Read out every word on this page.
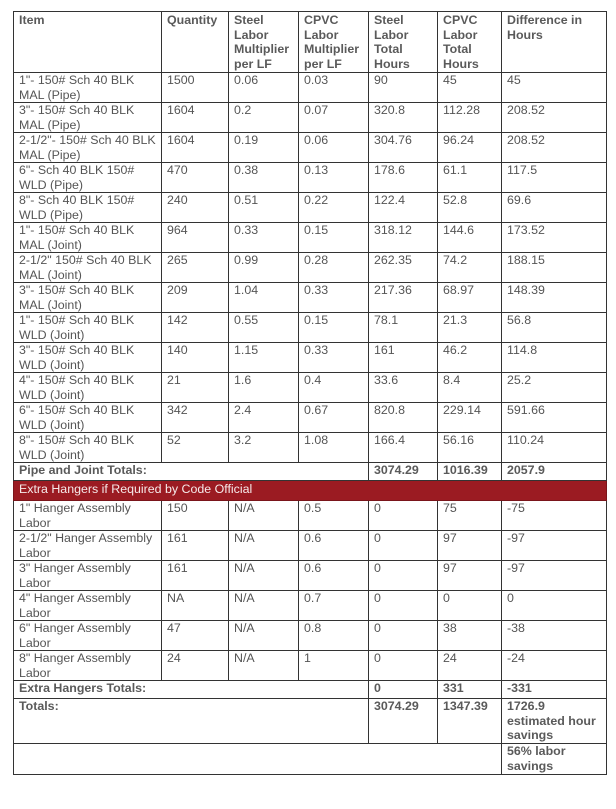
Item	Quantity	Steel Labor Multiplier per LF	CPVC Labor Multiplier per LF	Steel Labor Total Hours	CPVC Labor Total Hours	Difference in Hours
1"- 150# Sch 40 BLK MAL (Pipe)	1500	0.06	0.03	90	45	45
3"- 150# Sch 40 BLK MAL (Pipe)	1604	0.2	0.07	320.8	112.28	208.52
2-1/2"- 150# Sch 40 BLK MAL (Pipe)	1604	0.19	0.06	304.76	96.24	208.52
6"- Sch 40 BLK 150# WLD (Pipe)	470	0.38	0.13	178.6	61.1	117.5
8"- Sch 40 BLK 150# WLD (Pipe)	240	0.51	0.22	122.4	52.8	69.6
1"- 150# Sch 40 BLK MAL (Joint)	964	0.33	0.15	318.12	144.6	173.52
2-1/2" 150# Sch 40 BLK MAL (Joint)	265	0.99	0.28	262.35	74.2	188.15
3"- 150# Sch 40 BLK MAL (Joint)	209	1.04	0.33	217.36	68.97	148.39
1"- 150# Sch 40 BLK WLD (Joint)	142	0.55	0.15	78.1	21.3	56.8
3"- 150# Sch 40 BLK WLD (Joint)	140	1.15	0.33	161	46.2	114.8
4"- 150# Sch 40 BLK WLD (Joint)	21	1.6	0.4	33.6	8.4	25.2
6"- 150# Sch 40 BLK WLD (Joint)	342	2.4	0.67	820.8	229.14	591.66
8"- 150# Sch 40 BLK WLD (Joint)	52	3.2	1.08	166.4	56.16	110.24
Pipe and Joint Totals:				3074.29	1016.39	2057.9
Extra Hangers if Required by Code Official						
1" Hanger Assembly Labor	150	N/A	0.5	0	75	-75
2-1/2" Hanger Assembly Labor	161	N/A	0.6	0	97	-97
3" Hanger Assembly Labor	161	N/A	0.6	0	97	-97
4" Hanger Assembly Labor	NA	N/A	0.7	0	0	0
6" Hanger Assembly Labor	47	N/A	0.8	0	38	-38
8" Hanger Assembly Labor	24	N/A	1	0	24	-24
Extra Hangers Totals:				0	331	-331
Totals:				3074.29	1347.39	1726.9 estimated hour savings
						56% labor savings
